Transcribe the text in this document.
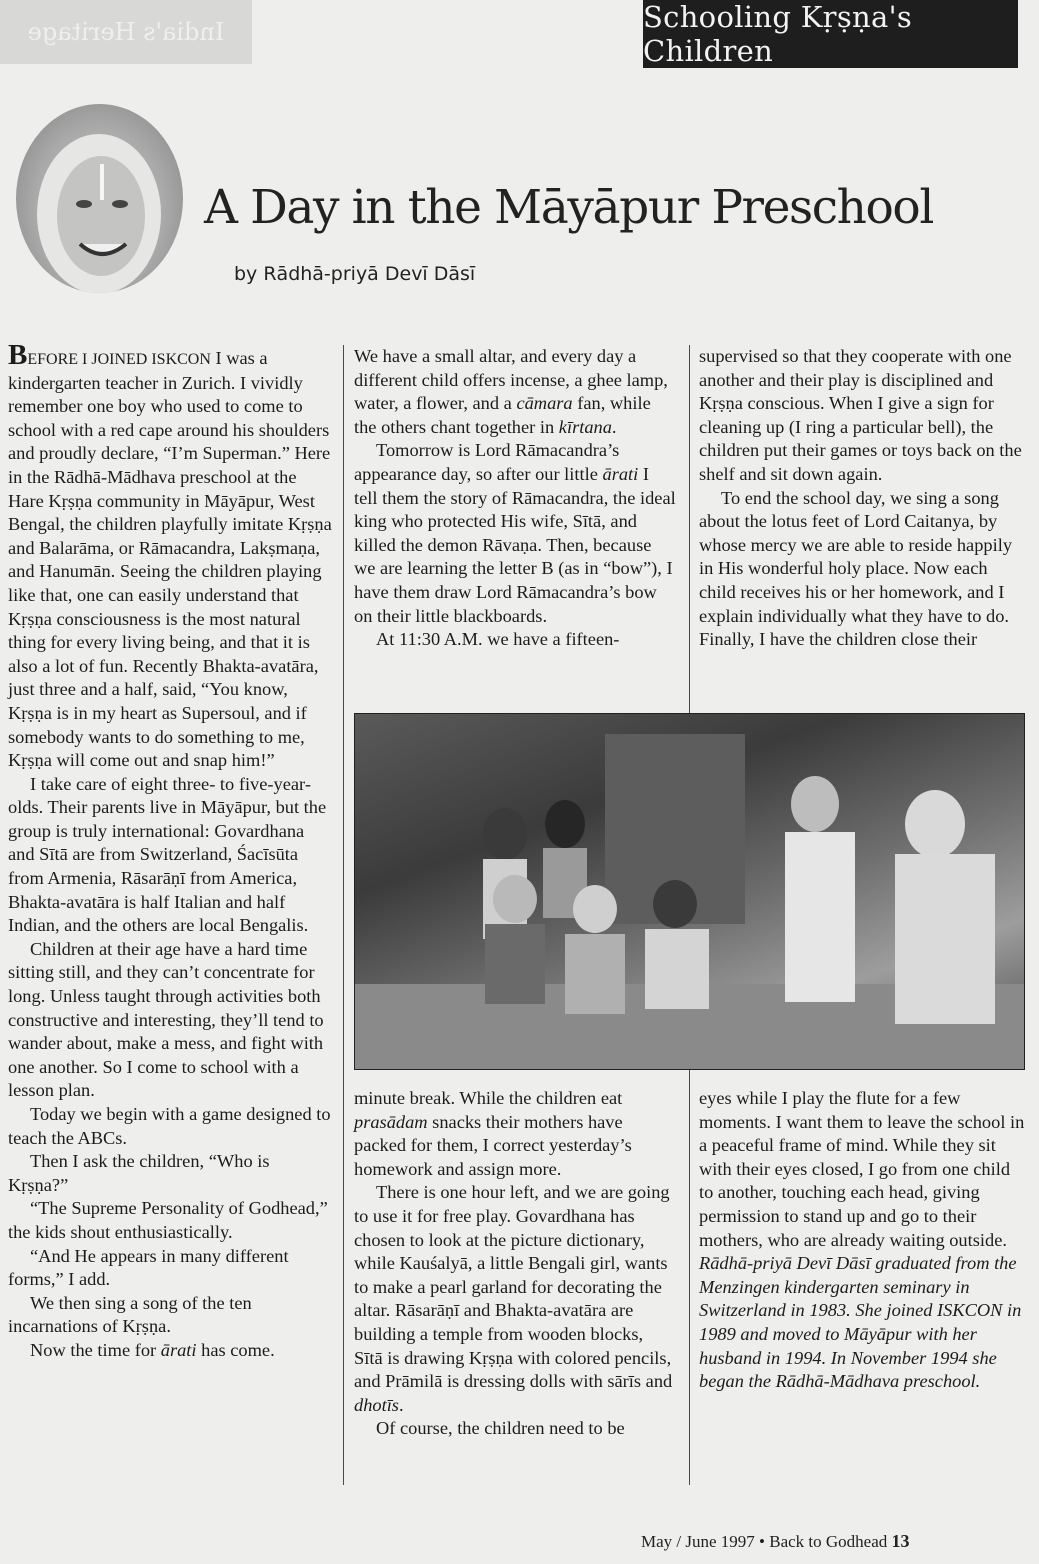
India's Heritage	Schooling Kṛṣṇa's Children
A Day in the Māyāpur Preschool
by Rādhā-priyā Devī Dāsī

BEFORE I JOINED ISKCON I was a kindergarten teacher in Zurich. I vividly remember one boy who used to come to school with a red cape around his shoulders and proudly declare, “I’m Superman.” Here in the Rādhā-Mādhava preschool at the Hare Kṛṣṇa community in Māyāpur, West Bengal, the children playfully imitate Kṛṣṇa and Balarāma, or Rāmacandra, Lakṣmaṇa, and Hanumān. Seeing the children playing like that, one can easily understand that Kṛṣṇa consciousness is the most natural thing for every living being, and that it is also a lot of fun. Recently Bhakta-avatāra, just three and a half, said, “You know, Kṛṣṇa is in my heart as Supersoul, and if somebody wants to do something to me, Kṛṣṇa will come out and snap him!”

I take care of eight three- to five-year-olds. Their parents live in Māyāpur, but the group is truly international: Govardhana and Sītā are from Switzerland, Śacīsūta from Armenia, Rāsarāṇī from America, Bhakta-avatāra is half Italian and half Indian, and the others are local Bengalis.

Children at their age have a hard time sitting still, and they can’t concentrate for long. Unless taught through activities both constructive and interesting, they’ll tend to wander about, make a mess, and fight with one another. So I come to school with a lesson plan.

Today we begin with a game designed to teach the ABCs.

Then I ask the children, “Who is Kṛṣṇa?”

“The Supreme Personality of Godhead,” the kids shout enthusiastically.

“And He appears in many different forms,” I add.

We then sing a song of the ten incarnations of Kṛṣṇa.

Now the time for ārati has come.

We have a small altar, and every day a different child offers incense, a ghee lamp, water, a flower, and a cāmara fan, while the others chant together in kīrtana.

Tomorrow is Lord Rāmacandra’s appearance day, so after our little ārati I tell them the story of Rāmacandra, the ideal king who protected His wife, Sītā, and killed the demon Rāvaṇa. Then, because we are learning the letter B (as in “bow”), I have them draw Lord Rāmacandra’s bow on their little blackboards.

At 11:30 A.M. we have a fifteen-

supervised so that they cooperate with one another and their play is disciplined and Kṛṣṇa conscious. When I give a sign for cleaning up (I ring a particular bell), the children put their games or toys back on the shelf and sit down again.

To end the school day, we sing a song about the lotus feet of Lord Caitanya, by whose mercy we are able to reside happily in His wonderful holy place. Now each child receives his or her homework, and I explain individually what they have to do. Finally, I have the children close their

minute break. While the children eat prasādam snacks their mothers have packed for them, I correct yesterday’s homework and assign more.

There is one hour left, and we are going to use it for free play. Govardhana has chosen to look at the picture dictionary, while Kauśalyā, a little Bengali girl, wants to make a pearl garland for decorating the altar. Rāsarāṇī and Bhakta-avatāra are building a temple from wooden blocks, Sītā is drawing Kṛṣṇa with colored pencils, and Prāmilā is dressing dolls with sārīs and dhotīs.

Of course, the children need to be

eyes while I play the flute for a few moments. I want them to leave the school in a peaceful frame of mind. While they sit with their eyes closed, I go from one child to another, touching each head, giving permission to stand up and go to their mothers, who are already waiting outside.

Rādhā-priyā Devī Dāsī graduated from the Menzingen kindergarten seminary in Switzerland in 1983. She joined ISKCON in 1989 and moved to Māyāpur with her husband in 1994. In November 1994 she began the Rādhā-Mādhava preschool.

May / June 1997 • Back to Godhead 13
